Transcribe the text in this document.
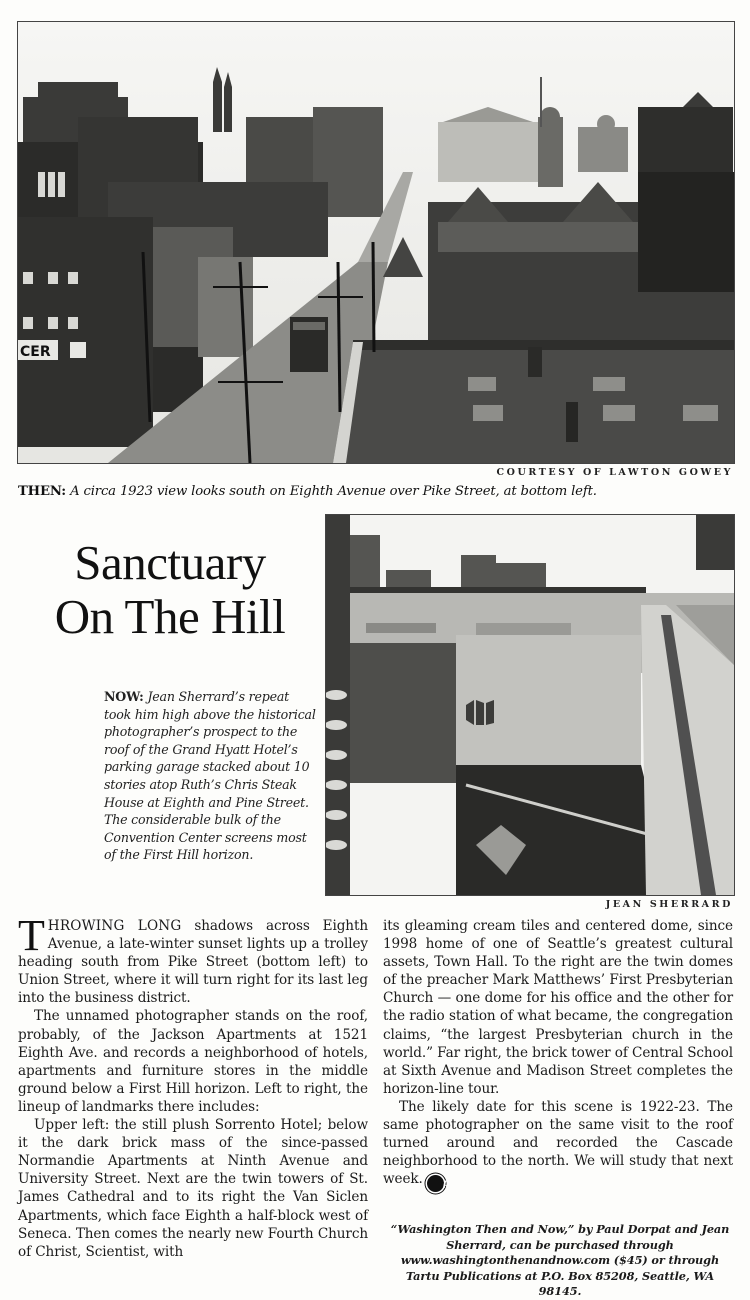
CER
COURTESY OF LAWTON GOWEY
THEN: A circa 1923 view looks south on Eighth Avenue over Pike Street, at bottom left.
Sanctuary
On The Hill
NOW: Jean Sherrard’s repeat took him high above the historical photographer’s prospect to the roof of the Grand Hyatt Hotel’s parking garage stacked about 10 stories atop Ruth’s Chris Steak House at Eighth and Pine Street. The considerable bulk of the Convention Center screens most of the First Hill horizon.
JEAN SHERRARD

THROWING LONG shadows across Eighth Avenue, a late-winter sunset lights up a trolley heading south from Pike Street (bottom left) to Union Street, where it will turn right for its last leg into the business district.

The unnamed photographer stands on the roof, probably, of the Jackson Apartments at 1521 Eighth Ave. and records a neighborhood of hotels, apartments and furniture stores in the middle ground below a First Hill horizon. Left to right, the lineup of landmarks there includes:

Upper left: the still plush Sorrento Hotel; below it the dark brick mass of the since-passed Normandie Apartments at Ninth Avenue and University Street. Next are the twin towers of St. James Cathedral and to its right the Van Siclen Apartments, which face Eighth a half-block west of Seneca. Then comes the nearly new Fourth Church of Christ, Scientist, with

its gleaming cream tiles and centered dome, since 1998 home of one of Seattle’s greatest cultural assets, Town Hall. To the right are the twin domes of the preacher Mark Matthews’ First Presbyterian Church — one dome for his office and the other for the radio station of what became, the congregation claims, “the largest Presbyterian church in the world.” Far right, the brick tower of Central School at Sixth Avenue and Madison Street completes the horizon-line tour.

The likely date for this scene is 1922-23. The same photographer on the same visit to the roof turned around and recorded the Cascade neighborhood to the north. We will study that next week. p

“Washington Then and Now,” by Paul Dorpat and Jean Sherrard, can be purchased through www.washingtonthenandnow.com ($45) or through Tartu Publications at P.O. Box 85208, Seattle, WA 98145.
